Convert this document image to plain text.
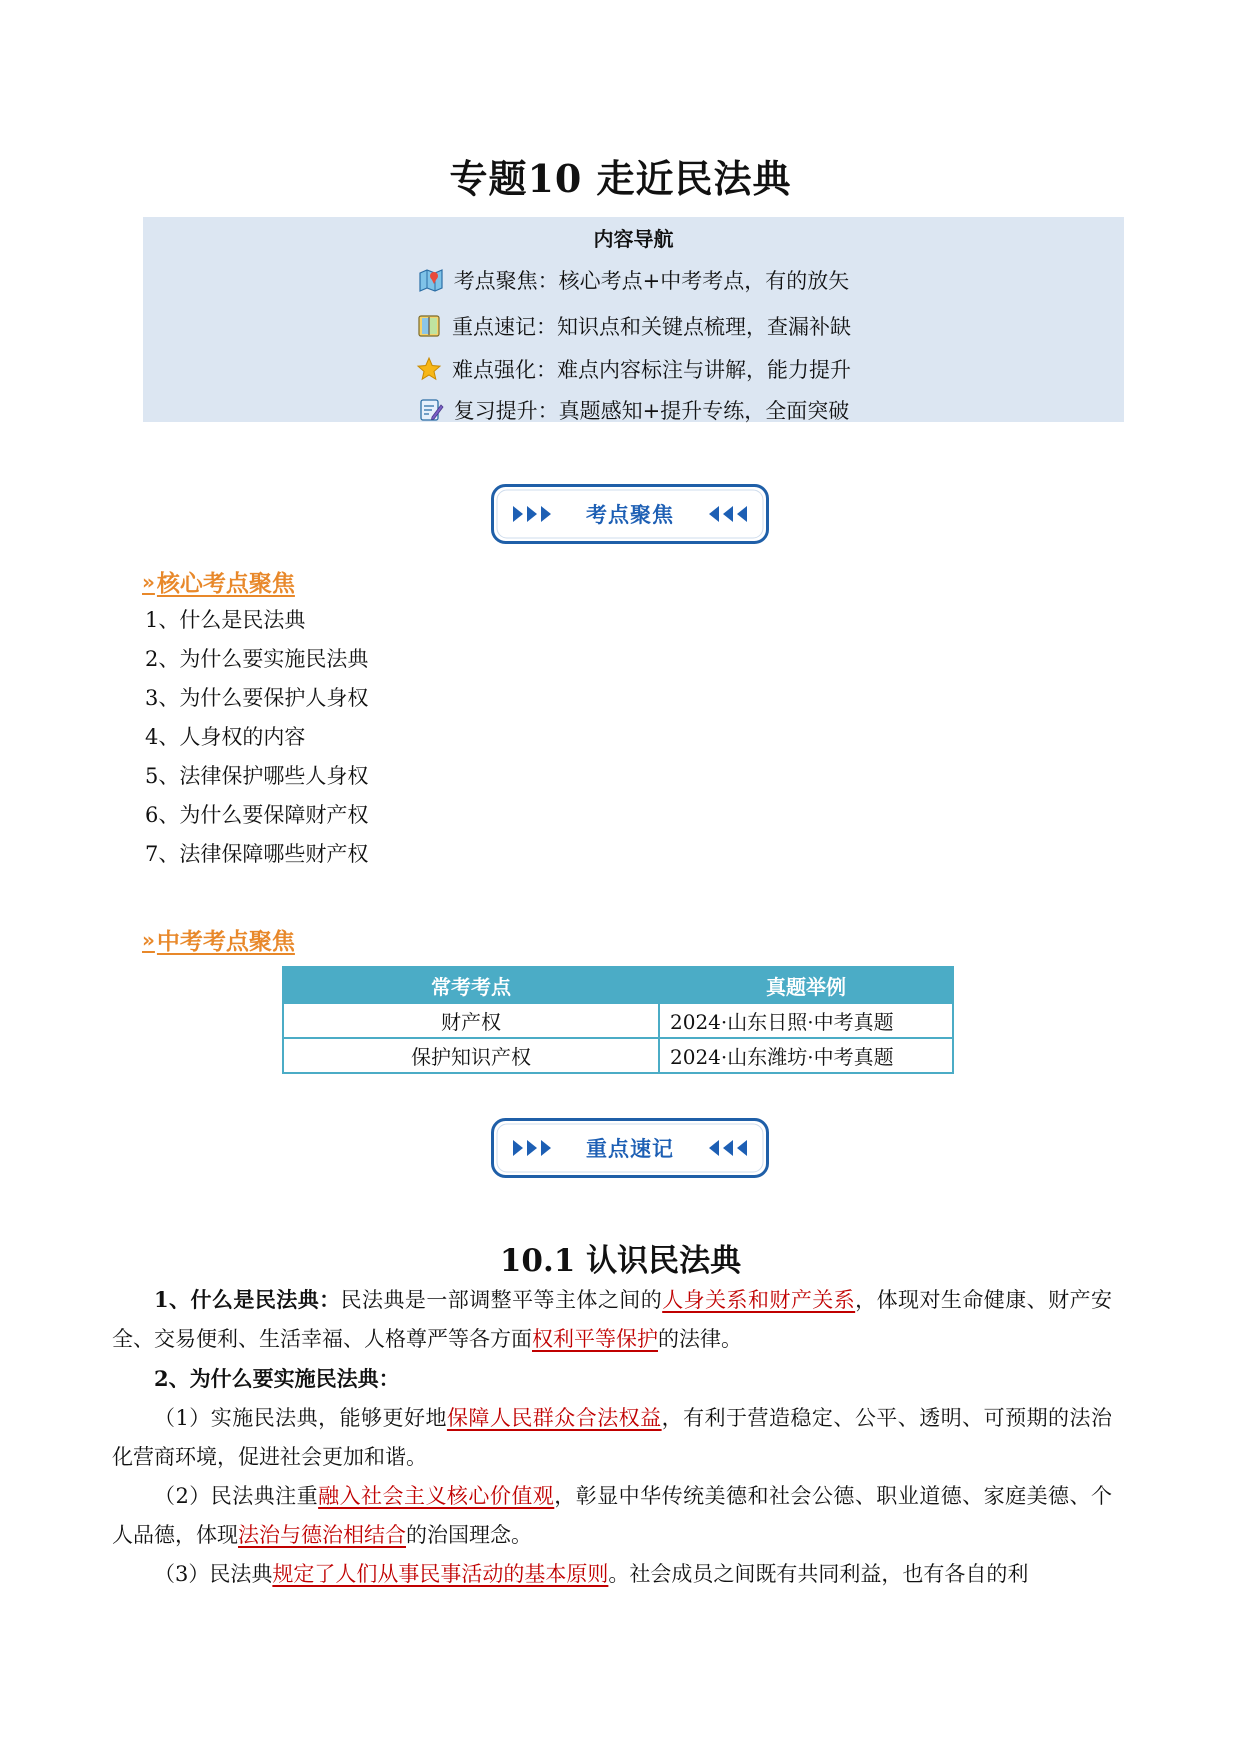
专题10 走近民法典
内容导航
考点聚焦：核心考点+中考考点，有的放矢
重点速记：知识点和关键点梳理，查漏补缺
难点强化：难点内容标注与讲解，能力提升
复习提升：真题感知+提升专练，全面突破
考点聚焦
» 核心考点聚焦
1、什么是民法典
2、为什么要实施民法典
3、为什么要保护人身权
4、人身权的内容
5、法律保护哪些人身权
6、为什么要保障财产权
7、法律保障哪些财产权
» 中考考点聚焦
常考考点	真题举例
财产权	2024·山东日照·中考真题
保护知识产权	2024·山东潍坊·中考真题
重点速记
10.1 认识民法典

1、什么是民法典：民法典是一部调整平等主体之间的人身关系和财产关系，体现对生命健康、财产安全、交易便利、生活幸福、人格尊严等各方面权利平等保护的法律。

2、为什么要实施民法典：

（1）实施民法典，能够更好地保障人民群众合法权益，有利于营造稳定、公平、透明、可预期的法治化营商环境，促进社会更加和谐。

（2）民法典注重融入社会主义核心价值观，彰显中华传统美德和社会公德、职业道德、家庭美德、个人品德，体现法治与德治相结合的治国理念。

（3）民法典规定了人们从事民事活动的基本原则。社会成员之间既有共同利益，也有各自的利
